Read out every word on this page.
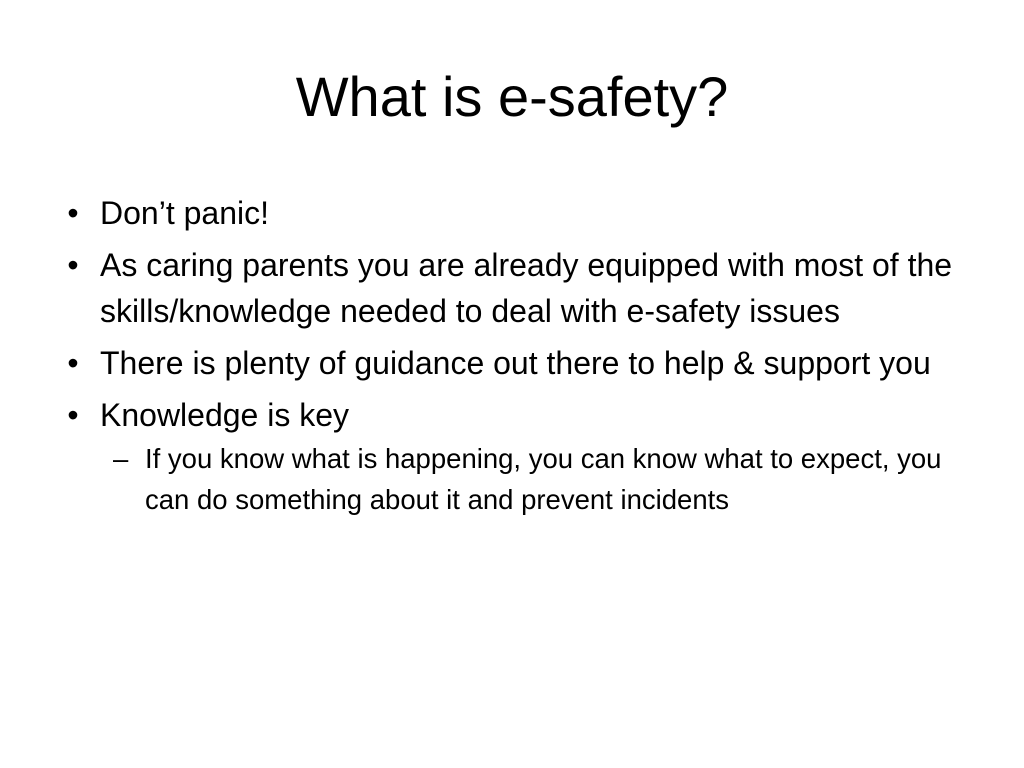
What is e-safety?
• Don’t panic!
• As caring parents you are already equipped with most of the skills/knowledge needed to deal with e-safety issues
• There is plenty of guidance out there to help & support you
• Knowledge is key
– If you know what is happening, you can know what to expect, you can do something about it and prevent incidents
